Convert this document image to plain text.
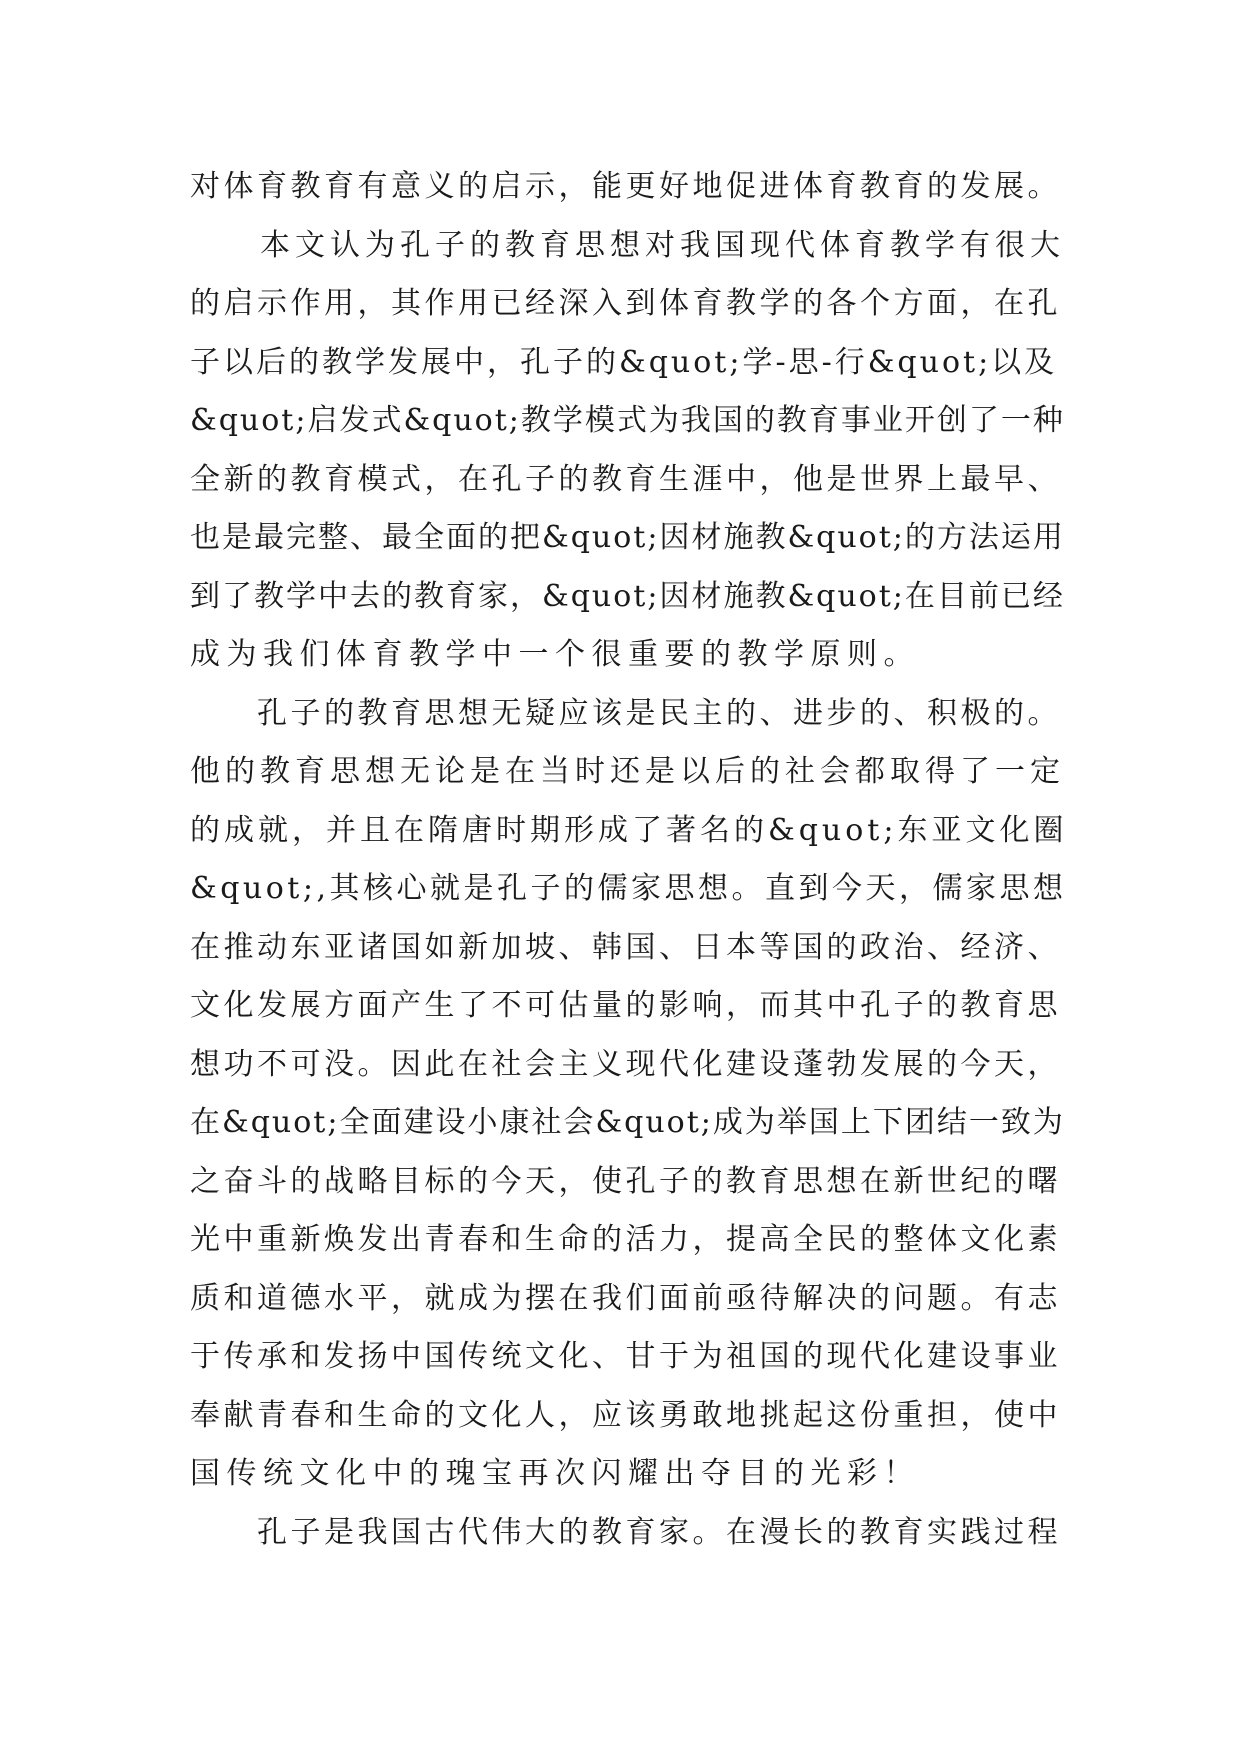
对体育教育有意义的启示，能更好地促进体育教育的发展。
　　本文认为孔子的教育思想对我国现代体育教学有很大
的启示作用，其作用已经深入到体育教学的各个方面，在孔
子以后的教学发展中，孔子的&quot;学-思-行&quot;以及
&quot;启发式&quot;教学模式为我国的教育事业开创了一种
全新的教育模式，在孔子的教育生涯中，他是世界上最早、
也是最完整、最全面的把&quot;因材施教&quot;的方法运用
到了教学中去的教育家，&quot;因材施教&quot;在目前已经
成为我们体育教学中一个很重要的教学原则。
　　孔子的教育思想无疑应该是民主的、进步的、积极的。
他的教育思想无论是在当时还是以后的社会都取得了一定
的成就，并且在隋唐时期形成了著名的&quot;东亚文化圈
&quot;,其核心就是孔子的儒家思想。直到今天，儒家思想
在推动东亚诸国如新加坡、韩国、日本等国的政治、经济、
文化发展方面产生了不可估量的影响，而其中孔子的教育思
想功不可没。因此在社会主义现代化建设蓬勃发展的今天，
在&quot;全面建设小康社会&quot;成为举国上下团结一致为
之奋斗的战略目标的今天，使孔子的教育思想在新世纪的曙
光中重新焕发出青春和生命的活力，提高全民的整体文化素
质和道德水平，就成为摆在我们面前亟待解决的问题。有志
于传承和发扬中国传统文化、甘于为祖国的现代化建设事业
奉献青春和生命的文化人，应该勇敢地挑起这份重担，使中
国传统文化中的瑰宝再次闪耀出夺目的光彩！
　　孔子是我国古代伟大的教育家。在漫长的教育实践过程
